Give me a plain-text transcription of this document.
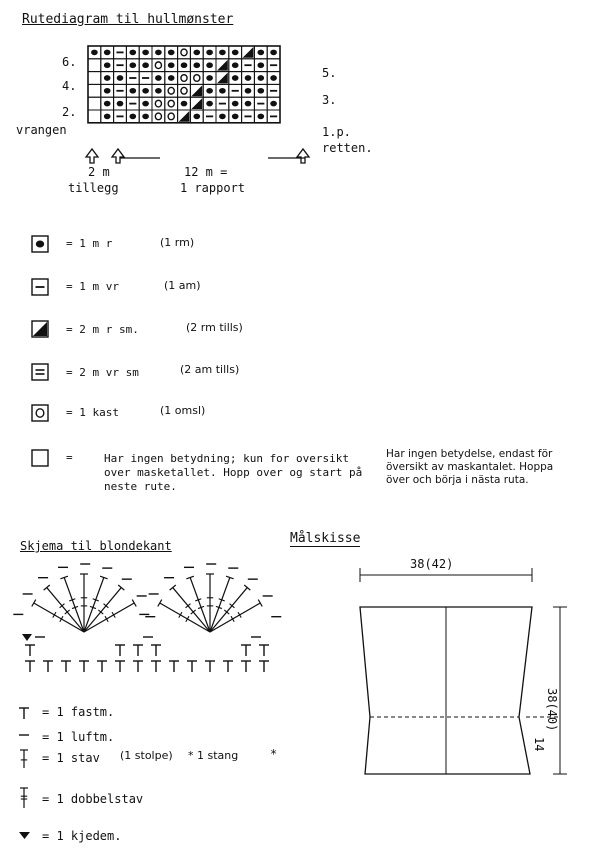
Rutediagram til hullmønster
6.
4.
2.
vrangen
5.
3.
1.p.
retten.
2 m
tillegg
12 m =
1 rapport
= 1 m r	(1 rm)
= 1 m vr	(1 am)
= 2 m r sm.	(2 rm tills)
= 2 m vr sm	(2 am tills)
= 1 kast	(1 omsl)
=	Har ingen betydning; kun for oversikt over masketallet. Hopp over og start på neste rute.
Har ingen betydelse, endast för översikt av maskantalet. Hoppa över och börja i nästa ruta.
Skjema til blondekant
= 1 fastm.
= 1 luftm.
= 1 stav (1 stolpe) * 1 stang	*
= 1 dobbelstav
= 1 kjedem.
Målskisse
38(42)
38(40)
14
